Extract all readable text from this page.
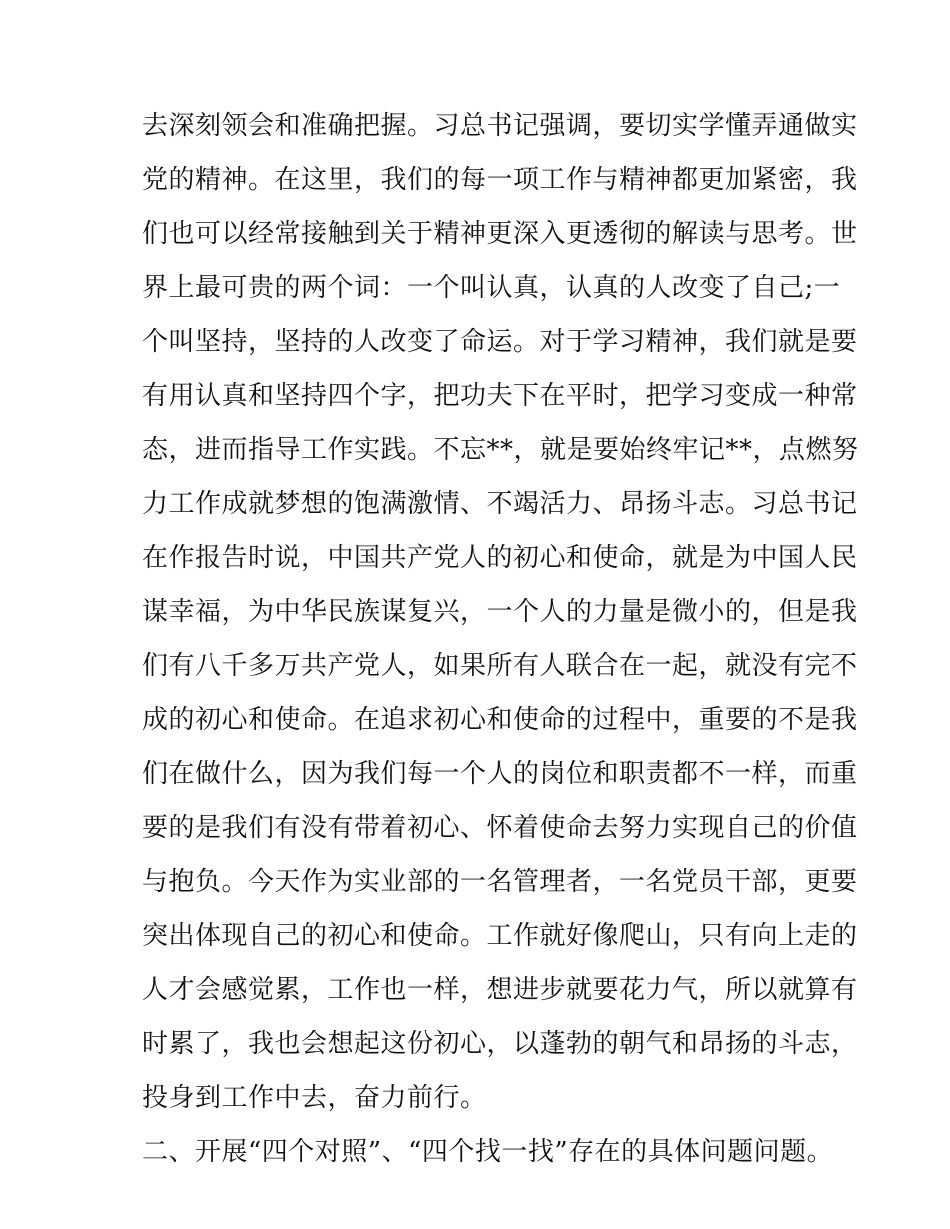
去深刻领会和准确把握。习总书记强调，要切实学懂弄通做实
党的精神。在这里，我们的每一项工作与精神都更加紧密，我
们也可以经常接触到关于精神更深入更透彻的解读与思考。世
界上最可贵的两个词：一个叫认真，认真的人改变了自己;一
个叫坚持，坚持的人改变了命运。对于学习精神，我们就是要
有用认真和坚持四个字，把功夫下在平时，把学习变成一种常
态，进而指导工作实践。不忘**，就是要始终牢记**，点燃努
力工作成就梦想的饱满激情、不竭活力、昂扬斗志。习总书记
在作报告时说，中国共产党人的初心和使命，就是为中国人民
谋幸福，为中华民族谋复兴，一个人的力量是微小的，但是我
们有八千多万共产党人，如果所有人联合在一起，就没有完不
成的初心和使命。在追求初心和使命的过程中，重要的不是我
们在做什么，因为我们每一个人的岗位和职责都不一样，而重
要的是我们有没有带着初心、怀着使命去努力实现自己的价值
与抱负。今天作为实业部的一名管理者，一名党员干部，更要
突出体现自己的初心和使命。工作就好像爬山，只有向上走的
人才会感觉累，工作也一样，想进步就要花力气，所以就算有
时累了，我也会想起这份初心，以蓬勃的朝气和昂扬的斗志，
投身到工作中去，奋力前行。
二、开展“四个对照”、“四个找一找”存在的具体问题问题。
